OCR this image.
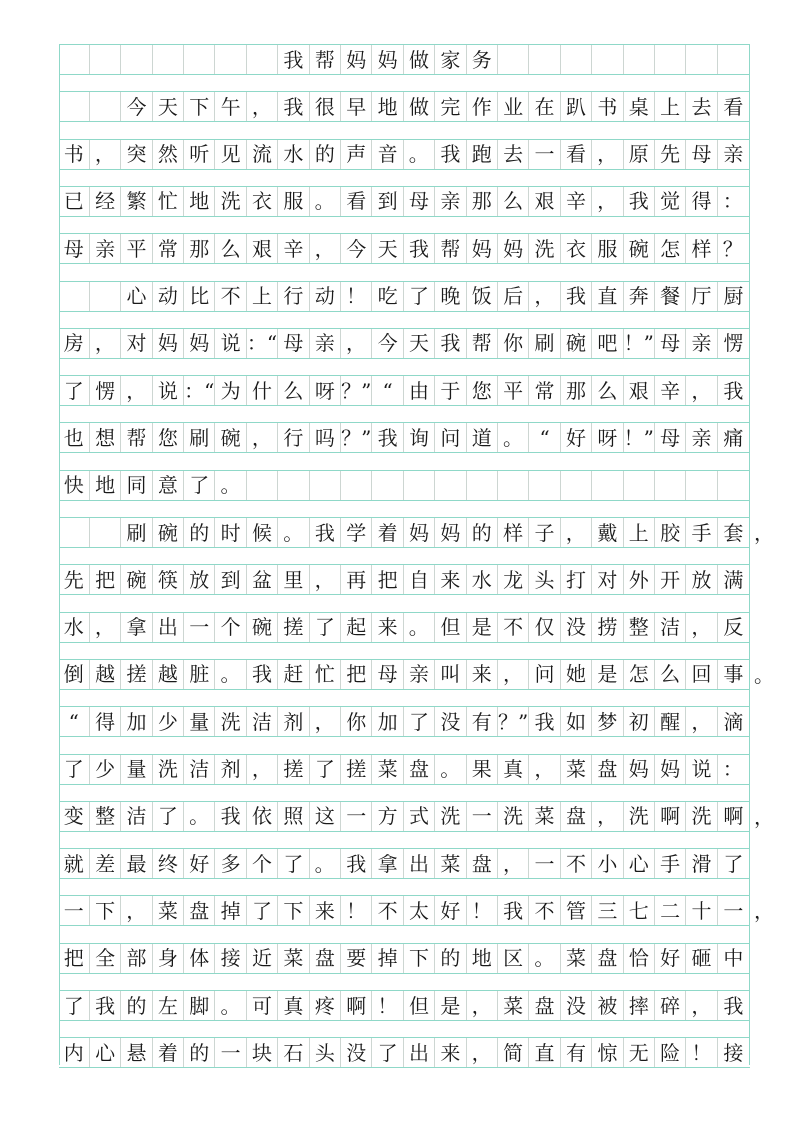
我 帮 妈 妈 做 家 务
今 天 下 午 ， 我 很 早 地 做 完 作 业 在 趴 书 桌 上 去 看
书 ， 突 然 听 见 流 水 的 声 音 。 我 跑 去 一 看 ， 原 先 母 亲
已 经 繁 忙 地 洗 衣 服 。 看 到 母 亲 那 么 艰 辛 ， 我 觉 得 ：
母 亲 平 常 那 么 艰 辛 ， 今 天 我 帮 妈 妈 洗 衣 服 碗 怎 样 ？
心 动 比 不 上 行 动 ！ 吃 了 晚 饭 后 ， 我 直 奔 餐 厅 厨
房 ， 对 妈 妈 说 ：“ 母 亲 ， 今 天 我 帮 你 刷 碗 吧 ！” 母 亲 愣
了 愣 ， 说 ：“ 为 什 么 呀 ？” “ 由 于 您 平 常 那 么 艰 辛 ， 我
也 想 帮 您 刷 碗 ， 行 吗 ？” 我 询 问 道 。 “ 好 呀 ！” 母 亲 痛
快 地 同 意 了 。
刷 碗 的 时 候 。 我 学 着 妈 妈 的 样 子 ， 戴 上 胶 手 套
先 把 碗 筷 放 到 盆 里 ， 再 把 自 来 水 龙 头 打 对 外 开 放 满
水 ， 拿 出 一 个 碗 搓 了 起 来 。 但 是 不 仅 没 捞 整 洁 ， 反
倒 越 搓 越 脏 。 我 赶 忙 把 母 亲 叫 来 ， 问 她 是 怎 么 回 事
“ 得 加 少 量 洗 洁 剂 ， 你 加 了 没 有 ？” 我 如 梦 初 醒 ， 滴
了 少 量 洗 洁 剂 ， 搓 了 搓 菜 盘 。 果 真 ， 菜 盘 妈 妈 说 ：
变 整 洁 了 。 我 依 照 这 一 方 式 洗 一 洗 菜 盘 ， 洗 啊 洗 啊
就 差 最 终 好 多 个 了 。 我 拿 出 菜 盘 ， 一 不 小 心 手 滑 了
一 下 ， 菜 盘 掉 了 下 来 ！ 不 太 好 ！ 我 不 管 三 七 二 十 一
把 全 部 身 体 接 近 菜 盘 要 掉 下 的 地 区 。 菜 盘 恰 好 砸 中
了 我 的 左 脚 。 可 真 疼 啊 ！ 但 是 ， 菜 盘 没 被 摔 碎 ， 我
内 心 悬 着 的 一 块 石 头 没 了 出 来 ， 简 直 有 惊 无 险 ！ 接
，
。
，
，
